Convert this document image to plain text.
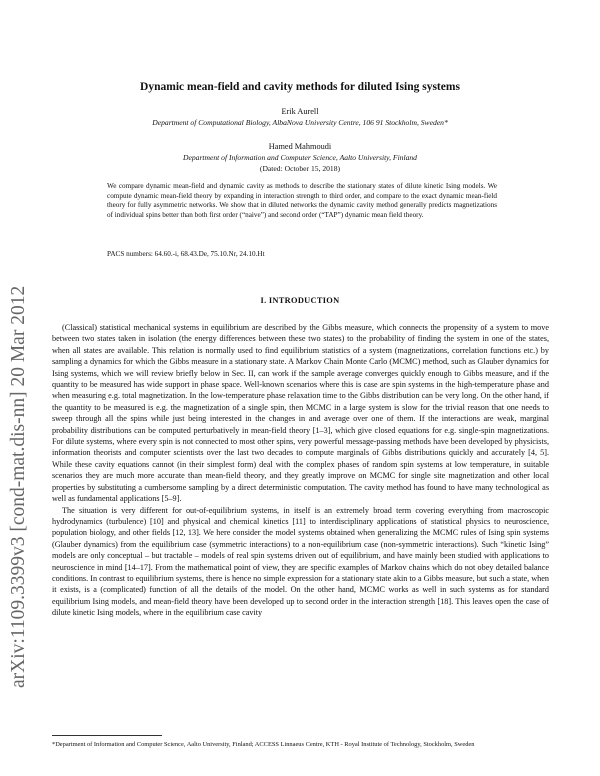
arXiv:1109.3399v3 [cond-mat.dis-nn] 20 Mar 2012
Dynamic mean-field and cavity methods for diluted Ising systems
Erik Aurell
Department of Computational Biology, AlbaNova University Centre, 106 91 Stockholm, Sweden*
Hamed Mahmoudi
Department of Information and Computer Science, Aalto University, Finland
(Dated: October 15, 2018)
We compare dynamic mean-field and dynamic cavity as methods to describe the stationary states of dilute kinetic Ising models. We compute dynamic mean-field theory by expanding in interaction strength to third order, and compare to the exact dynamic mean-field theory for fully asymmetric networks. We show that in diluted networks the dynamic cavity method generally predicts magnetizations of individual spins better than both first order (“naive”) and second order (“TAP”) dynamic mean field theory.
PACS numbers: 64.60.-i, 68.43.De, 75.10.Nr, 24.10.Ht
I. INTRODUCTION

(Classical) statistical mechanical systems in equilibrium are described by the Gibbs measure, which connects the propensity of a system to move between two states taken in isolation (the energy differences between these two states) to the probability of finding the system in one of the states, when all states are available. This relation is normally used to find equilibrium statistics of a system (magnetizations, correlation functions etc.) by sampling a dynamics for which the Gibbs measure in a stationary state. A Markov Chain Monte Carlo (MCMC) method, such as Glauber dynamics for Ising systems, which we will review briefly below in Sec. II, can work if the sample average converges quickly enough to Gibbs measure, and if the quantity to be measured has wide support in phase space. Well-known scenarios where this is case are spin systems in the high-temperature phase and when measuring e.g. total magnetization. In the low-temperature phase relaxation time to the Gibbs distribution can be very long. On the other hand, if the quantity to be measured is e.g. the magnetization of a single spin, then MCMC in a large system is slow for the trivial reason that one needs to sweep through all the spins while just being interested in the changes in and average over one of them. If the interactions are weak, marginal probability distributions can be computed perturbatively in mean-field theory [1–3], which give closed equations for e.g. single-spin magnetizations. For dilute systems, where every spin is not connected to most other spins, very powerful message-passing methods have been developed by physicists, information theorists and computer scientists over the last two decades to compute marginals of Gibbs distributions quickly and accurately [4, 5]. While these cavity equations cannot (in their simplest form) deal with the complex phases of random spin systems at low temperature, in suitable scenarios they are much more accurate than mean-field theory, and they greatly improve on MCMC for single site magnetization and other local properties by substituting a cumbersome sampling by a direct deterministic computation. The cavity method has found to have many technological as well as fundamental applications [5–9].

The situation is very different for out-of-equilibrium systems, in itself is an extremely broad term covering everything from macroscopic hydrodynamics (turbulence) [10] and physical and chemical kinetics [11] to interdisciplinary applications of statistical physics to neuroscience, population biology, and other fields [12, 13]. We here consider the model systems obtained when generalizing the MCMC rules of Ising spin systems (Glauber dynamics) from the equilibrium case (symmetric interactions) to a non-equilibrium case (non-symmetric interactions). Such “kinetic Ising” models are only conceptual – but tractable – models of real spin systems driven out of equilibrium, and have mainly been studied with applications to neuroscience in mind [14–17]. From the mathematical point of view, they are specific examples of Markov chains which do not obey detailed balance conditions. In contrast to equilibrium systems, there is hence no simple expression for a stationary state akin to a Gibbs measure, but such a state, when it exists, is a (complicated) function of all the details of the model. On the other hand, MCMC works as well in such systems as for standard equilibrium Ising models, and mean-field theory have been developed up to second order in the interaction strength [18]. This leaves open the case of dilute kinetic Ising models, where in the equilibrium case cavity

*Department of Information and Computer Science, Aalto University, Finland; ACCESS Linnaeus Centre, KTH - Royal Institute of Technology, Stockholm, Sweden
